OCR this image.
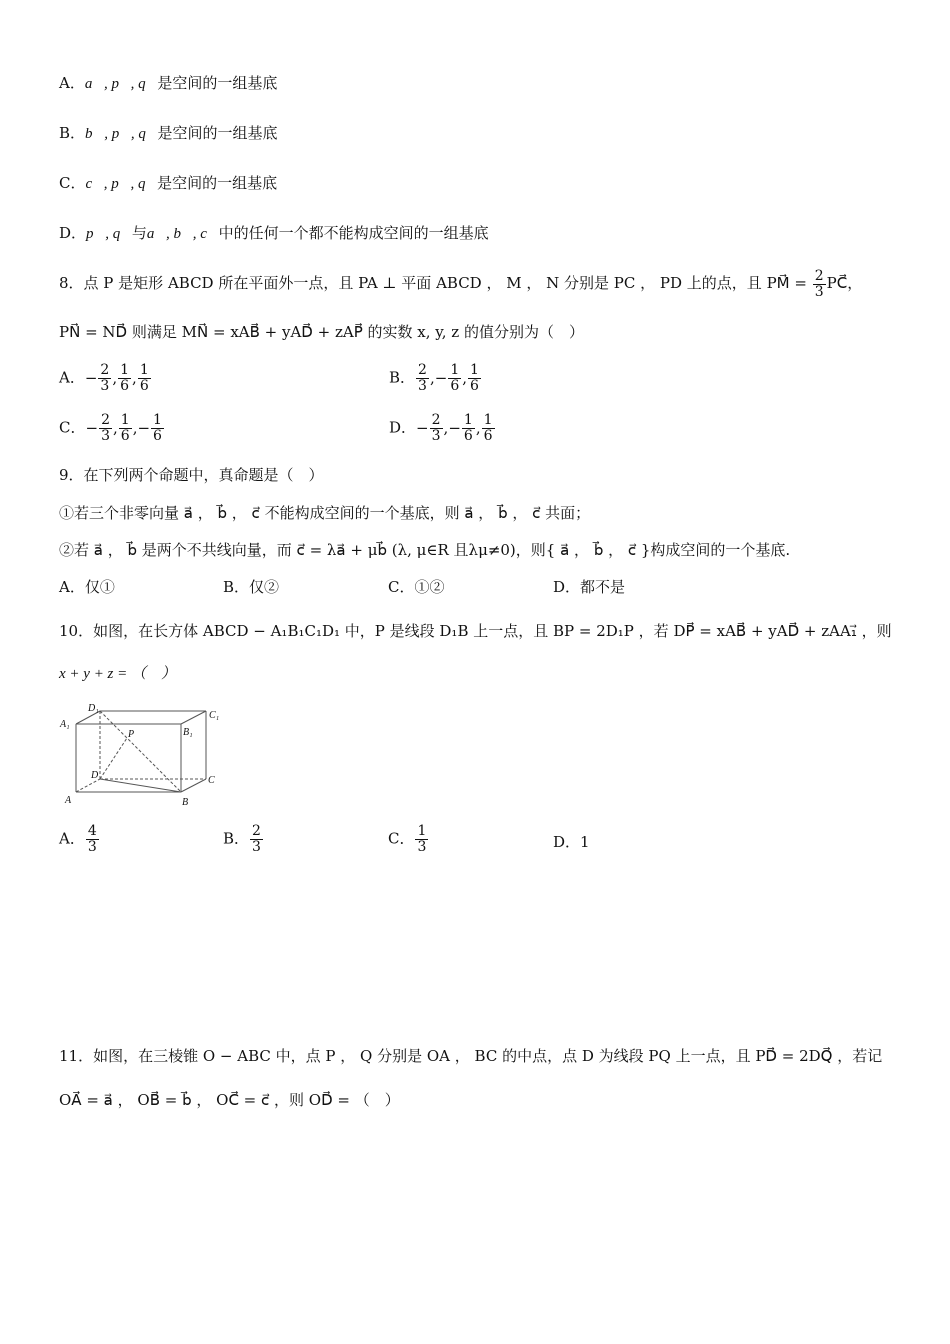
A．a⃗, p⃗, q⃗是空间的一组基底
B．b⃗, p⃗, q⃗是空间的一组基底
C．c⃗, p⃗, q⃗是空间的一组基底
D．p⃗, q⃗与a⃗, b⃗, c⃗中的任何一个都不能构成空间的一组基底
8．点 P 是矩形 ABCD 所在平面外一点，且 PA ⊥ 平面 ABCD ， M ， N 分别是 PC ， PD 上的点，且 PM⃗ = $\frac{2}{3}$ PC⃗，
PN⃗ = ND⃗ 则满足 MN⃗ = xAB⃗ + yAD⃗ + zAP⃗ 的实数 x, y, z 的值分别为（　）
A．− $\frac{2}{3}$ , $\frac{1}{6}$ , $\frac{1}{6}$	B． $\frac{2}{3}$ ,− $\frac{1}{6}$ , $\frac{1}{6}$
C．− $\frac{2}{3}$ , $\frac{1}{6}$ ,− $\frac{1}{6}$	D．− $\frac{2}{3}$ ,− $\frac{1}{6}$ , $\frac{1}{6}$
9．在下列两个命题中，真命题是（　）
①若三个非零向量 a⃗ ， b⃗ ， c⃗ 不能构成空间的一个基底，则 a⃗ ， b⃗ ， c⃗ 共面；
②若 a⃗ ， b⃗ 是两个不共线向量，而 c⃗ = λa⃗ + μb⃗ (λ, μ∈R 且λμ≠0)，则{ a⃗ ， b⃗ ， c⃗ }构成空间的一个基底.
A．仅①	B．仅②	C．①②	D．都不是
10．如图，在长方体 ABCD − A₁B₁C₁D₁ 中，P 是线段 D₁B 上一点，且 BP = 2D₁P ，若 DP⃗ = xAB⃗ + yAD⃗ + zAA₁⃗ ，则
x + y + z = （　）
A₁
D₁
C₁
B₁
P
D	C
A	B
A． $\frac{4}{3}$	B． $\frac{2}{3}$	C． $\frac{1}{3}$	D．1
11．如图，在三棱锥 O − ABC 中，点 P ， Q 分别是 OA ， BC 的中点，点 D 为线段 PQ 上一点，且 PD⃗ = 2DQ⃗ ，若记
OA⃗ = a⃗ ， OB⃗ = b⃗ ， OC⃗ = c⃗ ，则 OD⃗ = （　）
